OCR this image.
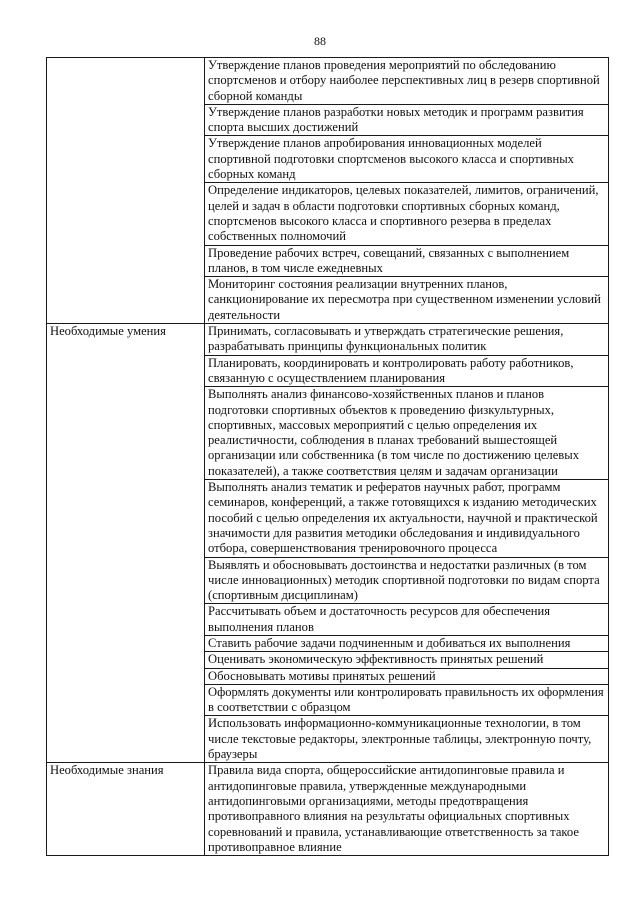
88
	Утверждение планов проведения мероприятий по обследованию спортсменов и отбору наиболее перспективных лиц в резерв спортивной сборной команды
	Утверждение планов разработки новых методик и программ развития спорта высших достижений
	Утверждение планов апробирования инновационных моделей спортивной подготовки спортсменов высокого класса и спортивных сборных команд
	Определение индикаторов, целевых показателей, лимитов, ограничений, целей и задач в области подготовки спортивных сборных команд, спортсменов высокого класса и спортивного резерва в пределах собственных полномочий
	Проведение рабочих встреч, совещаний, связанных с выполнением планов, в том числе ежедневных
	Мониторинг состояния реализации внутренних планов, санкционирование их пересмотра при существенном изменении условий деятельности
Необходимые умения	Принимать, согласовывать и утверждать стратегические решения, разрабатывать принципы функциональных политик
	Планировать, координировать и контролировать работу работников, связанную с осуществлением планирования
	Выполнять анализ финансово-хозяйственных планов и планов подготовки спортивных объектов к проведению физкультурных, спортивных, массовых мероприятий с целью определения их реалистичности, соблюдения в планах требований вышестоящей организации или собственника (в том числе по достижению целевых показателей), а также соответствия целям и задачам организации
	Выполнять анализ тематик и рефератов научных работ, программ семинаров, конференций, а также готовящихся к изданию методических пособий с целью определения их актуальности, научной и практической значимости для развития методики обследования и индивидуального отбора, совершенствования тренировочного процесса
	Выявлять и обосновывать достоинства и недостатки различных (в том числе инновационных) методик спортивной подготовки по видам спорта (спортивным дисциплинам)
	Рассчитывать объем и достаточность ресурсов для обеспечения выполнения планов
	Ставить рабочие задачи подчиненным и добиваться их выполнения
	Оценивать экономическую эффективность принятых решений
	Обосновывать мотивы принятых решений
	Оформлять документы или контролировать правильность их оформления в соответствии с образцом
	Использовать информационно-коммуникационные технологии, в том числе текстовые редакторы, электронные таблицы, электронную почту, браузеры
Необходимые знания	Правила вида спорта, общероссийские антидопинговые правила и антидопинговые правила, утвержденные международными антидопинговыми организациями, методы предотвращения противоправного влияния на результаты официальных спортивных соревнований и правила, устанавливающие ответственность за такое противоправное влияние
